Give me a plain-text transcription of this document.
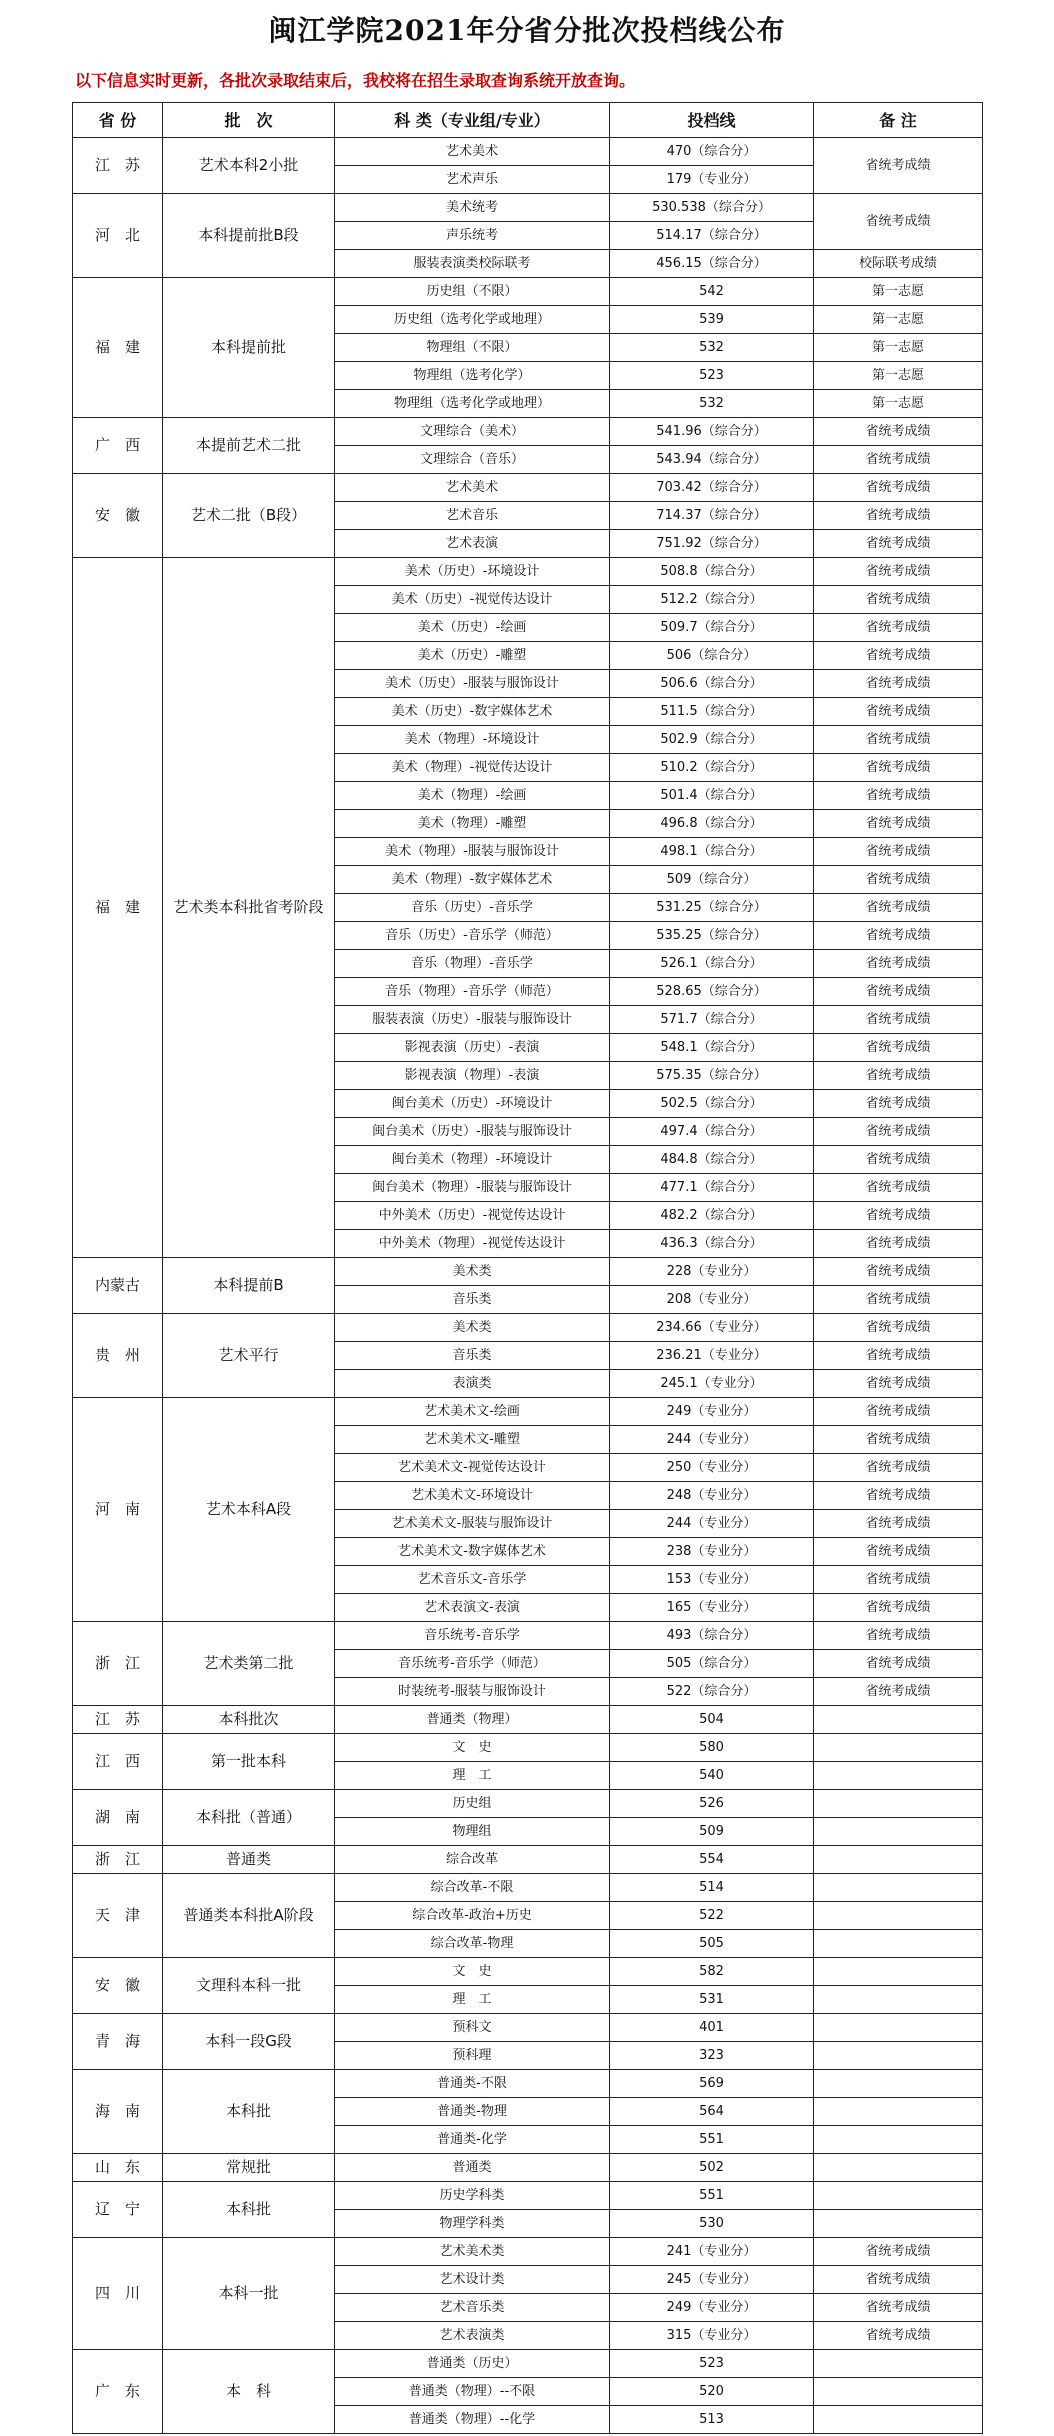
闽江学院2021年分省分批次投档线公布
以下信息实时更新，各批次录取结束后，我校将在招生录取查询系统开放查询。
省 份	批　次	科 类（专业组/专业）	投档线	备 注
江　苏	艺术本科2小批	艺术美术	470（综合分）	省统考成绩
		艺术声乐	179（专业分）	
河　北	本科提前批B段	美术统考	530.538（综合分）	省统考成绩
		声乐统考	514.17（综合分）	
		服装表演类校际联考	456.15（综合分）	校际联考成绩
福　建	本科提前批	历史组（不限）	542	第一志愿
		历史组（选考化学或地理）	539	第一志愿
		物理组（不限）	532	第一志愿
		物理组（选考化学）	523	第一志愿
		物理组（选考化学或地理）	532	第一志愿
广　西	本提前艺术二批	文理综合（美术）	541.96（综合分）	省统考成绩
		文理综合（音乐）	543.94（综合分）	省统考成绩
安　徽	艺术二批（B段）	艺术美术	703.42（综合分）	省统考成绩
		艺术音乐	714.37（综合分）	省统考成绩
		艺术表演	751.92（综合分）	省统考成绩
福　建	艺术类本科批省考阶段	美术（历史）-环境设计	508.8（综合分）	省统考成绩
		美术（历史）-视觉传达设计	512.2（综合分）	省统考成绩
		美术（历史）-绘画	509.7（综合分）	省统考成绩
		美术（历史）-雕塑	506（综合分）	省统考成绩
		美术（历史）-服装与服饰设计	506.6（综合分）	省统考成绩
		美术（历史）-数字媒体艺术	511.5（综合分）	省统考成绩
		美术（物理）-环境设计	502.9（综合分）	省统考成绩
		美术（物理）-视觉传达设计	510.2（综合分）	省统考成绩
		美术（物理）-绘画	501.4（综合分）	省统考成绩
		美术（物理）-雕塑	496.8（综合分）	省统考成绩
		美术（物理）-服装与服饰设计	498.1（综合分）	省统考成绩
		美术（物理）-数字媒体艺术	509（综合分）	省统考成绩
		音乐（历史）-音乐学	531.25（综合分）	省统考成绩
		音乐（历史）-音乐学（师范）	535.25（综合分）	省统考成绩
		音乐（物理）-音乐学	526.1（综合分）	省统考成绩
		音乐（物理）-音乐学（师范）	528.65（综合分）	省统考成绩
		服装表演（历史）-服装与服饰设计	571.7（综合分）	省统考成绩
		影视表演（历史）-表演	548.1（综合分）	省统考成绩
		影视表演（物理）-表演	575.35（综合分）	省统考成绩
		闽台美术（历史）-环境设计	502.5（综合分）	省统考成绩
		闽台美术（历史）-服装与服饰设计	497.4（综合分）	省统考成绩
		闽台美术（物理）-环境设计	484.8（综合分）	省统考成绩
		闽台美术（物理）-服装与服饰设计	477.1（综合分）	省统考成绩
		中外美术（历史）-视觉传达设计	482.2（综合分）	省统考成绩
		中外美术（物理）-视觉传达设计	436.3（综合分）	省统考成绩
内蒙古	本科提前B	美术类	228（专业分）	省统考成绩
		音乐类	208（专业分）	省统考成绩
贵　州	艺术平行	美术类	234.66（专业分）	省统考成绩
		音乐类	236.21（专业分）	省统考成绩
		表演类	245.1（专业分）	省统考成绩
河　南	艺术本科A段	艺术美术文-绘画	249（专业分）	省统考成绩
		艺术美术文-雕塑	244（专业分）	省统考成绩
		艺术美术文-视觉传达设计	250（专业分）	省统考成绩
		艺术美术文-环境设计	248（专业分）	省统考成绩
		艺术美术文-服装与服饰设计	244（专业分）	省统考成绩
		艺术美术文-数字媒体艺术	238（专业分）	省统考成绩
		艺术音乐文-音乐学	153（专业分）	省统考成绩
		艺术表演文-表演	165（专业分）	省统考成绩
浙　江	艺术类第二批	音乐统考-音乐学	493（综合分）	省统考成绩
		音乐统考-音乐学（师范）	505（综合分）	省统考成绩
		时装统考-服装与服饰设计	522（综合分）	省统考成绩
江　苏	本科批次	普通类（物理）	504	
江　西	第一批本科	文　史	580	
		理　工	540	
湖　南	本科批（普通）	历史组	526	
		物理组	509	
浙　江	普通类	综合改革	554	
天　津	普通类本科批A阶段	综合改革-不限	514	
		综合改革-政治+历史	522	
		综合改革-物理	505	
安　徽	文理科本科一批	文　史	582	
		理　工	531	
青　海	本科一段G段	预科文	401	
		预科理	323	
海　南	本科批	普通类-不限	569	
		普通类-物理	564	
		普通类-化学	551	
山　东	常规批	普通类	502	
辽　宁	本科批	历史学科类	551	
		物理学科类	530	
四　川	本科一批	艺术美术类	241（专业分）	省统考成绩
		艺术设计类	245（专业分）	省统考成绩
		艺术音乐类	249（专业分）	省统考成绩
		艺术表演类	315（专业分）	省统考成绩
广　东	本　科	普通类（历史）	523	
		普通类（物理）--不限	520	
		普通类（物理）--化学	513	
